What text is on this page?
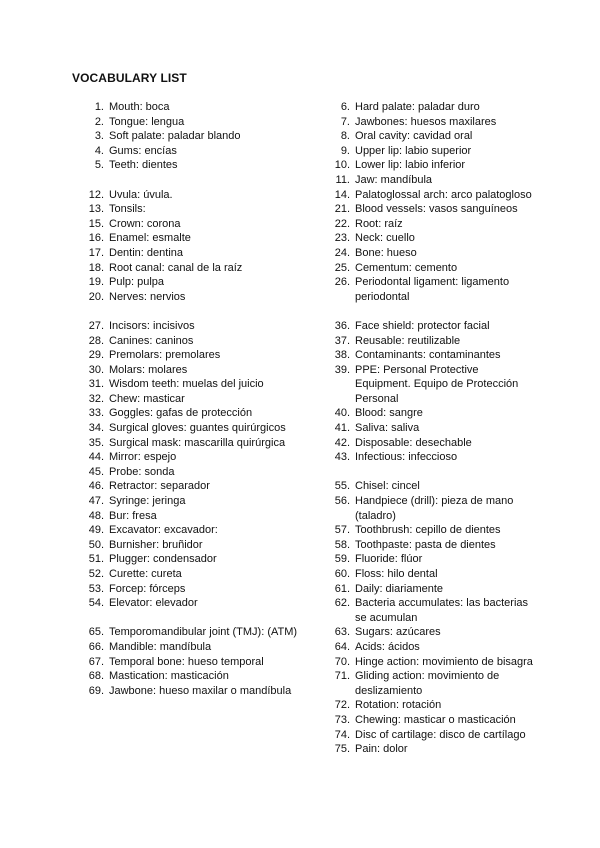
VOCABULARY LIST
1. Mouth: boca
2. Tongue: lengua
3. Soft palate: paladar blando
4. Gums: encías
5. Teeth: dientes
12. Uvula: úvula.
13. Tonsils:
15. Crown: corona
16. Enamel: esmalte
17. Dentin: dentina
18. Root canal: canal de la raíz
19. Pulp: pulpa
20. Nerves: nervios
27. Incisors: incisivos
28. Canines: caninos
29. Premolars: premolares
30. Molars: molares
31. Wisdom teeth: muelas del juicio
32. Chew: masticar
33. Goggles: gafas de protección
34. Surgical gloves: guantes quirúrgicos
35. Surgical mask: mascarilla quirúrgica
44. Mirror: espejo
45. Probe: sonda
46. Retractor: separador
47. Syringe: jeringa
48. Bur: fresa
49. Excavator: excavador:
50. Burnisher: bruñidor
51. Plugger: condensador
52. Curette: cureta
53. Forcep: fórceps
54. Elevator: elevador
65. Temporomandibular joint (TMJ): (ATM)
66. Mandible: mandíbula
67. Temporal bone: hueso temporal
68. Mastication: masticación
69. Jawbone: hueso maxilar o mandíbula
6. Hard palate: paladar duro
7. Jawbones: huesos maxilares
8. Oral cavity: cavidad oral
9. Upper lip: labio superior
10. Lower lip: labio inferior
11. Jaw: mandíbula
14. Palatoglossal arch: arco palatogloso
21. Blood vessels: vasos sanguíneos
22. Root: raíz
23. Neck: cuello
24. Bone: hueso
25. Cementum: cemento
26. Periodontal ligament: ligamento periodontal
36. Face shield: protector facial
37. Reusable: reutilizable
38. Contaminants: contaminantes
39. PPE: Personal Protective Equipment. Equipo de Protección Personal
40. Blood: sangre
41. Saliva: saliva
42. Disposable: desechable
43. Infectious: infeccioso
55. Chisel: cincel
56. Handpiece (drill): pieza de mano (taladro)
57. Toothbrush: cepillo de dientes
58. Toothpaste: pasta de dientes
59. Fluoride: flúor
60. Floss: hilo dental
61. Daily: diariamente
62. Bacteria accumulates: las bacterias se acumulan
63. Sugars: azúcares
64. Acids: ácidos
70. Hinge action: movimiento de bisagra
71. Gliding action: movimiento de deslizamiento
72. Rotation: rotación
73. Chewing: masticar o masticación
74. Disc of cartilage: disco de cartílago
75. Pain: dolor
